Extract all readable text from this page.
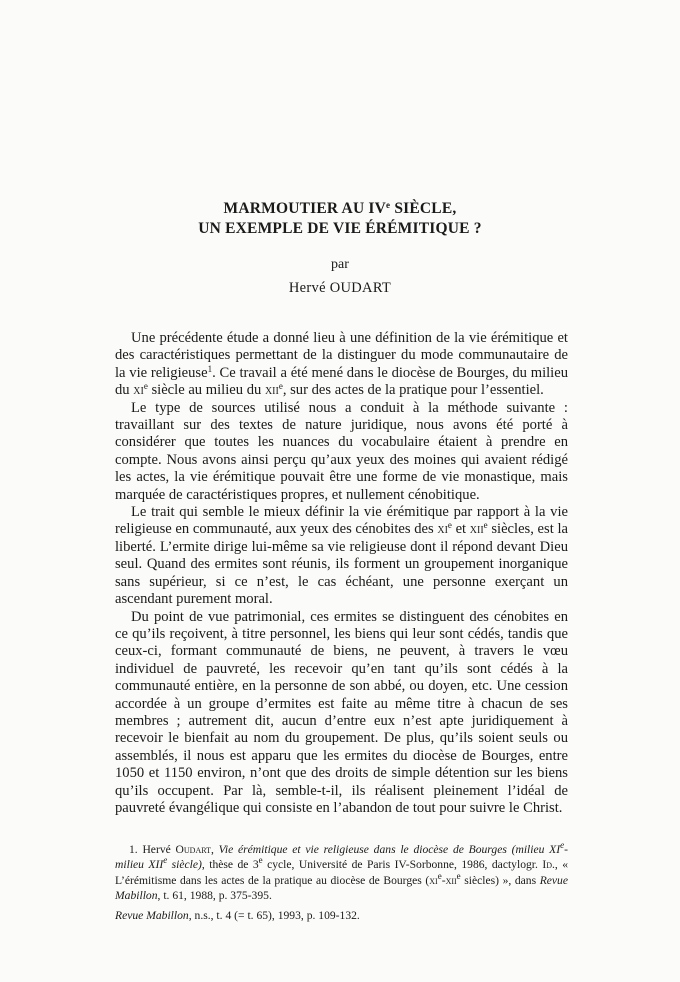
MARMOUTIER AU IVe SIÈCLE,
UN EXEMPLE DE VIE ÉRÉMITIQUE ?
par
Hervé OUDART

Une précédente étude a donné lieu à une définition de la vie érémitique et des caractéristiques permettant de la distinguer du mode communautaire de la vie religieuse$^1$. Ce travail a été mené dans le diocèse de Bourges, du milieu du $xi^e$ siècle au milieu du xii$^e$, sur des actes de la pratique pour l’essentiel.

Le type de sources utilisé nous a conduit à la méthode suivante : travaillant sur des textes de nature juridique, nous avons été porté à considérer que toutes les nuances du vocabulaire étaient à prendre en compte. Nous avons ainsi perçu qu’aux yeux des moines qui avaient rédigé les actes, la vie érémitique pouvait être une forme de vie monastique, mais marquée de caractéristiques propres, et nullement cénobitique.

Le trait qui semble le mieux définir la vie érémitique par rapport à la vie religieuse en communauté, aux yeux des cénobites des $xi^e$ et xii$^e$ siècles, est la liberté. L’ermite dirige lui-même sa vie religieuse dont il répond devant Dieu seul. Quand des ermites sont réunis, ils forment un groupement inorganique sans supérieur, si ce n’est, le cas échéant, une personne exerçant un ascendant purement moral.

Du point de vue patrimonial, ces ermites se distinguent des cénobites en ce qu’ils reçoivent, à titre personnel, les biens qui leur sont cédés, tandis que ceux-ci, formant communauté de biens, ne peuvent, à travers le vœu individuel de pauvreté, les recevoir qu’en tant qu’ils sont cédés à la communauté entière, en la personne de son abbé, ou doyen, etc. Une cession accordée à un groupe d’ermites est faite au même titre à chacun de ses membres ; autrement dit, aucun d’entre eux n’est apte juridiquement à recevoir le bienfait au nom du groupement. De plus, qu’ils soient seuls ou assemblés, il nous est apparu que les ermites du diocèse de Bourges, entre 1050 et 1150 environ, n’ont que des droits de simple détention sur les biens qu’ils occupent. Par là, semble-t-il, ils réalisent pleinement l’idéal de pauvreté évangélique qui consiste en l’abandon de tout pour suivre le Christ.

1. Hervé Oudart, Vie érémitique et vie religieuse dans le diocèse de Bourges (milieu XIe-milieu XIIe siècle), thèse de 3e cycle, Université de Paris IV-Sorbonne, 1986, dactylogr. Id., « L’érémitisme dans les actes de la pratique au diocèse de Bourges ($xi^e-xii^e$ siècles) », dans Revue Mabillon, t. 61, 1988, p. 375-395.

Revue Mabillon, n.s., t. 4 (= t. 65), 1993, p. 109-132.
